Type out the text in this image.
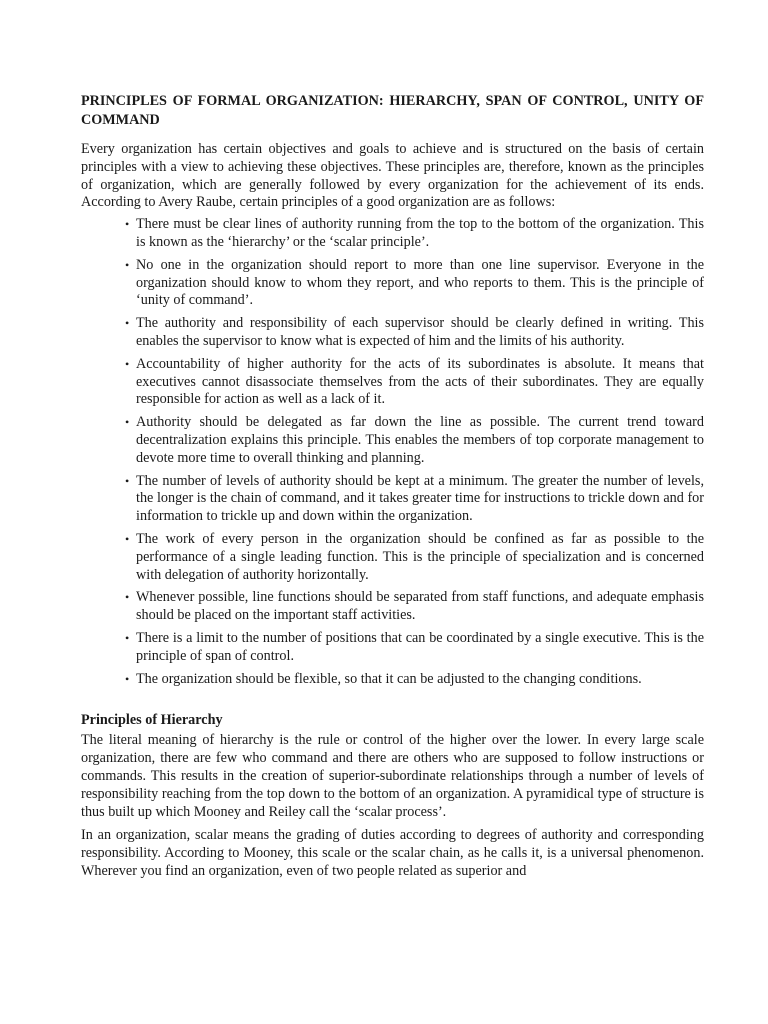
PRINCIPLES OF FORMAL ORGANIZATION: HIERARCHY, SPAN OF CONTROL, UNITY OF COMMAND

Every organization has certain objectives and goals to achieve and is structured on the basis of certain principles with a view to achieving these objectives. These principles are, therefore, known as the principles of organization, which are generally followed by every organization for the achievement of its ends. According to Avery Raube, certain principles of a good organization are as follows:

• There must be clear lines of authority running from the top to the bottom of the organization. This is known as the ‘hierarchy’ or the ‘scalar principle’.
• No one in the organization should report to more than one line supervisor. Everyone in the organization should know to whom they report, and who reports to them. This is the principle of ‘unity of command’.
• The authority and responsibility of each supervisor should be clearly defined in writing. This enables the supervisor to know what is expected of him and the limits of his authority.
• Accountability of higher authority for the acts of its subordinates is absolute. It means that executives cannot disassociate themselves from the acts of their subordinates. They are equally responsible for action as well as a lack of it.
• Authority should be delegated as far down the line as possible. The current trend toward decentralization explains this principle. This enables the members of top corporate management to devote more time to overall thinking and planning.
• The number of levels of authority should be kept at a minimum. The greater the number of levels, the longer is the chain of command, and it takes greater time for instructions to trickle down and for information to trickle up and down within the organization.
• The work of every person in the organization should be confined as far as possible to the performance of a single leading function. This is the principle of specialization and is concerned with delegation of authority horizontally.
• Whenever possible, line functions should be separated from staff functions, and adequate emphasis should be placed on the important staff activities.
• There is a limit to the number of positions that can be coordinated by a single executive. This is the principle of span of control.
• The organization should be flexible, so that it can be adjusted to the changing conditions.
Principles of Hierarchy

The literal meaning of hierarchy is the rule or control of the higher over the lower. In every large scale organization, there are few who command and there are others who are supposed to follow instructions or commands. This results in the creation of superior-subordinate relationships through a number of levels of responsibility reaching from the top down to the bottom of an organization. A pyramidical type of structure is thus built up which Mooney and Reiley call the ‘scalar process’.

In an organization, scalar means the grading of duties according to degrees of authority and corresponding responsibility. According to Mooney, this scale or the scalar chain, as he calls it, is a universal phenomenon. Wherever you find an organization, even of two people related as superior and
